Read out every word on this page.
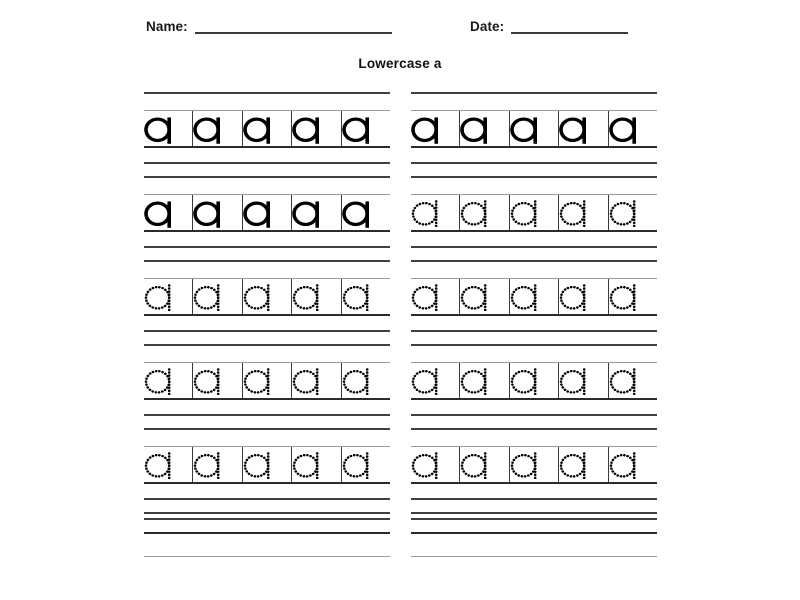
Name:	Date:
Lowercase a
